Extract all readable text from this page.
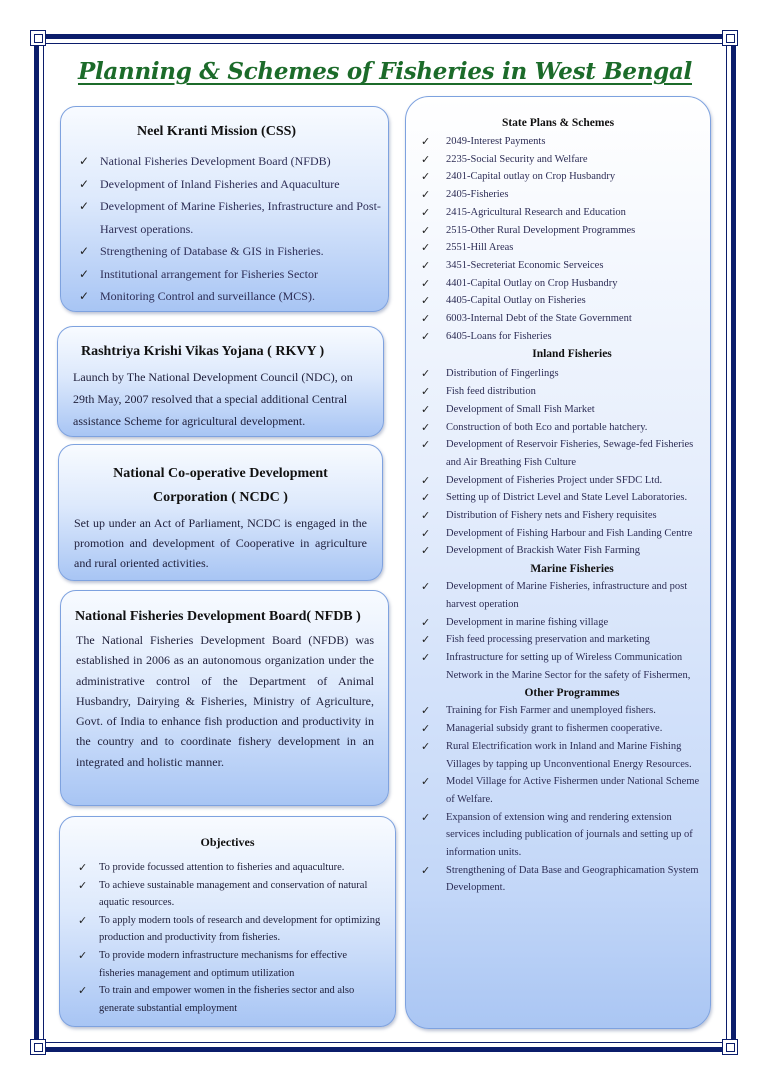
Planning & Schemes of Fisheries in West Bengal
Neel Kranti Mission (CSS)
✓ National Fisheries Development Board (NFDB)
✓ Development of Inland Fisheries and Aquaculture
✓ Development of Marine Fisheries, Infrastructure and Post-Harvest operations.
✓ Strengthening of Database & GIS in Fisheries.
✓ Institutional arrangement for Fisheries Sector
✓ Monitoring Control and surveillance (MCS).
Rashtriya Krishi Vikas Yojana ( RKVY )

Launch by The National Development Council (NDC), on 29th May, 2007 resolved that a special additional Central assistance Scheme for agricultural development.

National Co-operative Development Corporation ( NCDC )

Set up under an Act of Parliament, NCDC is engaged in the promotion and development of Cooperative in agriculture and rural oriented activities.

National Fisheries Development Board( NFDB )

The National Fisheries Development Board (NFDB) was established in 2006 as an autonomous organization under the administrative control of the Department of Animal Husbandry, Dairying & Fisheries, Ministry of Agriculture, Govt. of India to enhance fish production and productivity in the country and to coordinate fishery development in an integrated and holistic manner.

Objectives
✓ To provide focussed attention to fisheries and aquaculture.
✓ To achieve sustainable management and conservation of natural aquatic resources.
✓ To apply modern tools of research and development for optimizing production and productivity from fisheries.
✓ To provide modern infrastructure mechanisms for effective fisheries management and optimum utilization
✓ To train and empower women in the fisheries sector and also generate substantial employment
State Plans & Schemes
✓ 2049-Interest Payments
✓ 2235-Social Security and Welfare
✓ 2401-Capital outlay on Crop Husbandry
✓ 2405-Fisheries
✓ 2415-Agricultural Research and Education
✓ 2515-Other Rural Development Programmes
✓ 2551-Hill Areas
✓ 3451-Secreteriat Economic Serveices
✓ 4401-Capital Outlay on Crop Husbandry
✓ 4405-Capital Outlay on Fisheries
✓ 6003-Internal Debt of the State Government
✓ 6405-Loans for Fisheries
Inland Fisheries
✓ Distribution of Fingerlings
✓ Fish feed distribution
✓ Development of Small Fish Market
✓ Construction of both Eco and portable hatchery.
✓ Development of Reservoir Fisheries, Sewage-fed Fisheries and Air Breathing Fish Culture
✓ Development of Fisheries Project under SFDC Ltd.
✓ Setting up of District Level and State Level Laboratories.
✓ Distribution of Fishery nets and Fishery requisites
✓ Development of Fishing Harbour and Fish Landing Centre
✓ Development of Brackish Water Fish Farming
Marine Fisheries
✓ Development of Marine Fisheries, infrastructure and post harvest operation
✓ Development in marine fishing village
✓ Fish feed processing preservation and marketing
✓ Infrastructure for setting up of Wireless Communication Network in the Marine Sector for the safety of Fishermen,
Other Programmes
✓ Training for Fish Farmer and unemployed fishers.
✓ Managerial subsidy grant to fishermen cooperative.
✓ Rural Electrification work in Inland and Marine Fishing Villages by tapping up Unconventional Energy Resources.
✓ Model Village for Active Fishermen under National Scheme of Welfare.
✓ Expansion of extension wing and rendering extension services including publication of journals and setting up of information units.
✓ Strengthening of Data Base and Geographicamation System Development.
